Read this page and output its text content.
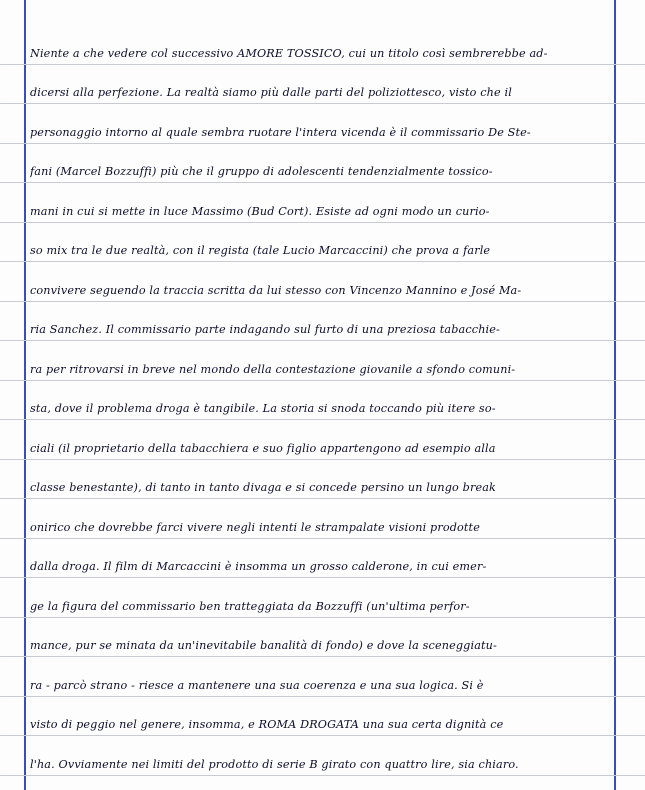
Niente a che vedere col successivo AMORE TOSSICO, cui un titolo così sembrerebbe ad-
dicersi alla perfezione. La realtà siamo più dalle parti del poliziottesco, visto che il
personaggio intorno al quale sembra ruotare l'intera vicenda è il commissario De Ste-
fani (Marcel Bozzuffi) più che il gruppo di adolescenti tendenzialmente tossico-
mani in cui si mette in luce Massimo (Bud Cort). Esiste ad ogni modo un curio-
so mix tra le due realtà, con il regista (tale Lucio Marcaccini) che prova a farle
convivere seguendo la traccia scritta da lui stesso con Vincenzo Mannino e José Ma-
ria Sanchez. Il commissario parte indagando sul furto di una preziosa tabacchie-
ra per ritrovarsi in breve nel mondo della contestazione giovanile a sfondo comuni-
sta, dove il problema droga è tangibile. La storia si snoda toccando più itere so-
ciali (il proprietario della tabacchiera e suo figlio appartengono ad esempio alla
classe benestante), di tanto in tanto divaga e si concede persino un lungo break
onirico che dovrebbe farci vivere negli intenti le strampalate visioni prodotte
dalla droga. Il film di Marcaccini è insomma un grosso calderone, in cui emer-
ge la figura del commissario ben tratteggiata da Bozzuffi (un'ultima perfor-
mance, pur se minata da un'inevitabile banalità di fondo) e dove la sceneggiatu-
ra - parcò strano - riesce a mantenere una sua coerenza e una sua logica. Si è
visto di peggio nel genere, insomma, e ROMA DROGATA una sua certa dignità ce
l'ha. Ovviamente nei limiti del prodotto di serie B girato con quattro lire, sia chiaro.
